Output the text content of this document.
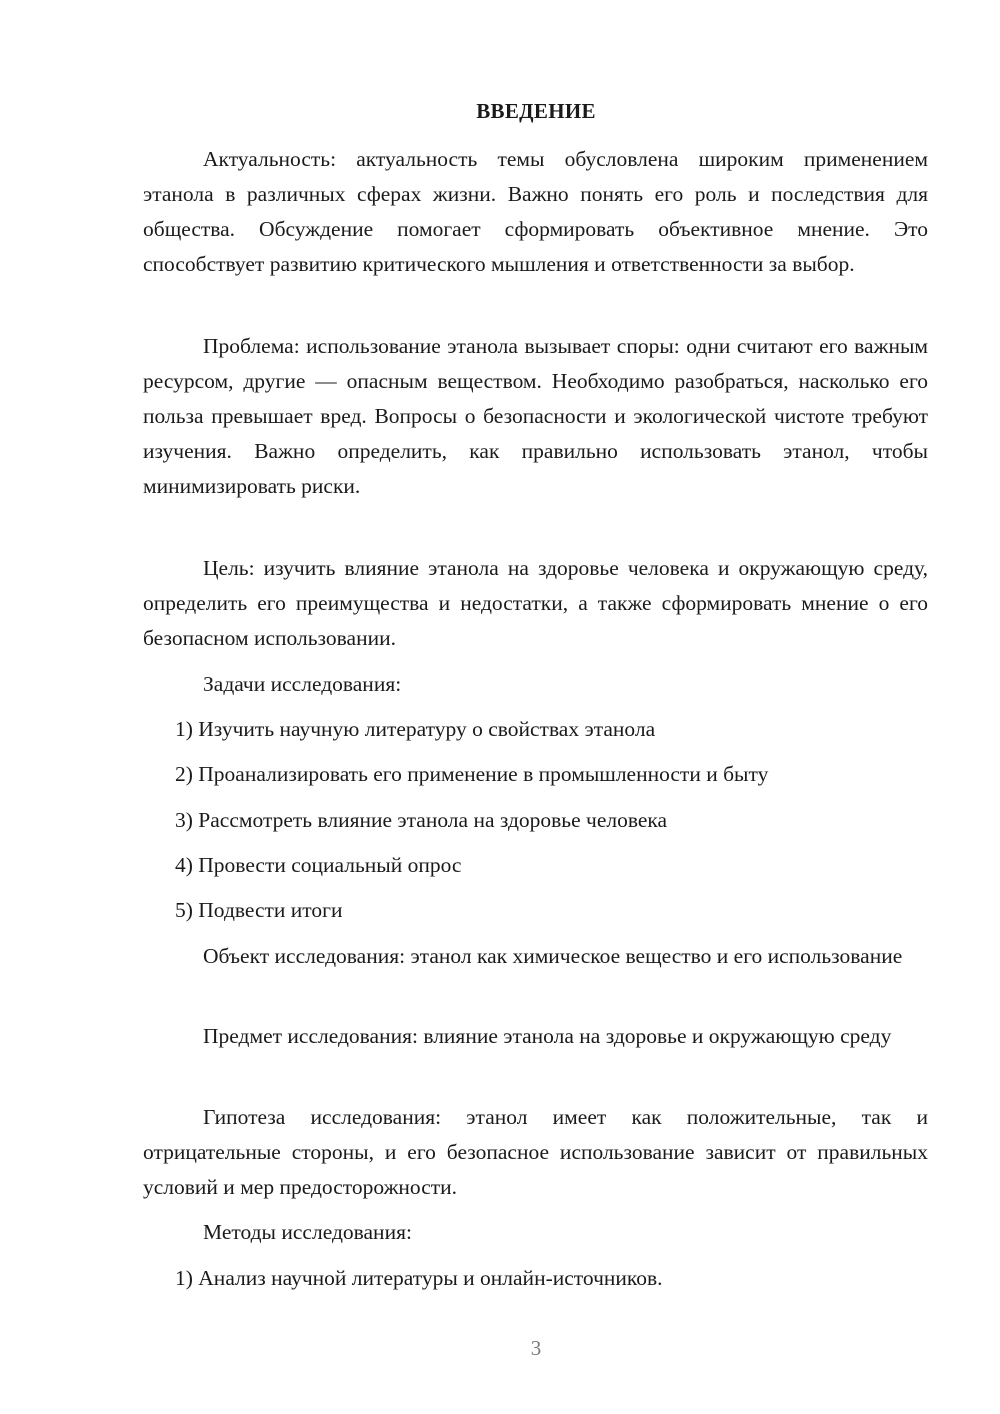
ВВЕДЕНИЕ

Актуальность: актуальность темы обусловлена широким применением этанола в различных сферах жизни. Важно понять его роль и последствия для общества. Обсуждение помогает сформировать объективное мнение. Это способствует развитию критического мышления и ответственности за выбор.

Проблема: использование этанола вызывает споры: одни считают его важным ресурсом, другие — опасным веществом. Необходимо разобраться, насколько его польза превышает вред. Вопросы о безопасности и экологической чистоте требуют изучения. Важно определить, как правильно использовать этанол, чтобы минимизировать риски.

Цель: изучить влияние этанола на здоровье человека и окружающую среду, определить его преимущества и недостатки, а также сформировать мнение о его безопасном использовании.

Задачи исследования:

1) Изучить научную литературу о свойствах этанола

2) Проанализировать его применение в промышленности и быту

3) Рассмотреть влияние этанола на здоровье человека

4) Провести социальный опрос

5) Подвести итоги

Объект исследования: этанол как химическое вещество и его использование

Предмет исследования: влияние этанола на здоровье и окружающую среду

Гипотеза исследования: этанол имеет как положительные, так и отрицательные стороны, и его безопасное использование зависит от правильных условий и мер предосторожности.

Методы исследования:

1) Анализ научной литературы и онлайн-источников.

3
